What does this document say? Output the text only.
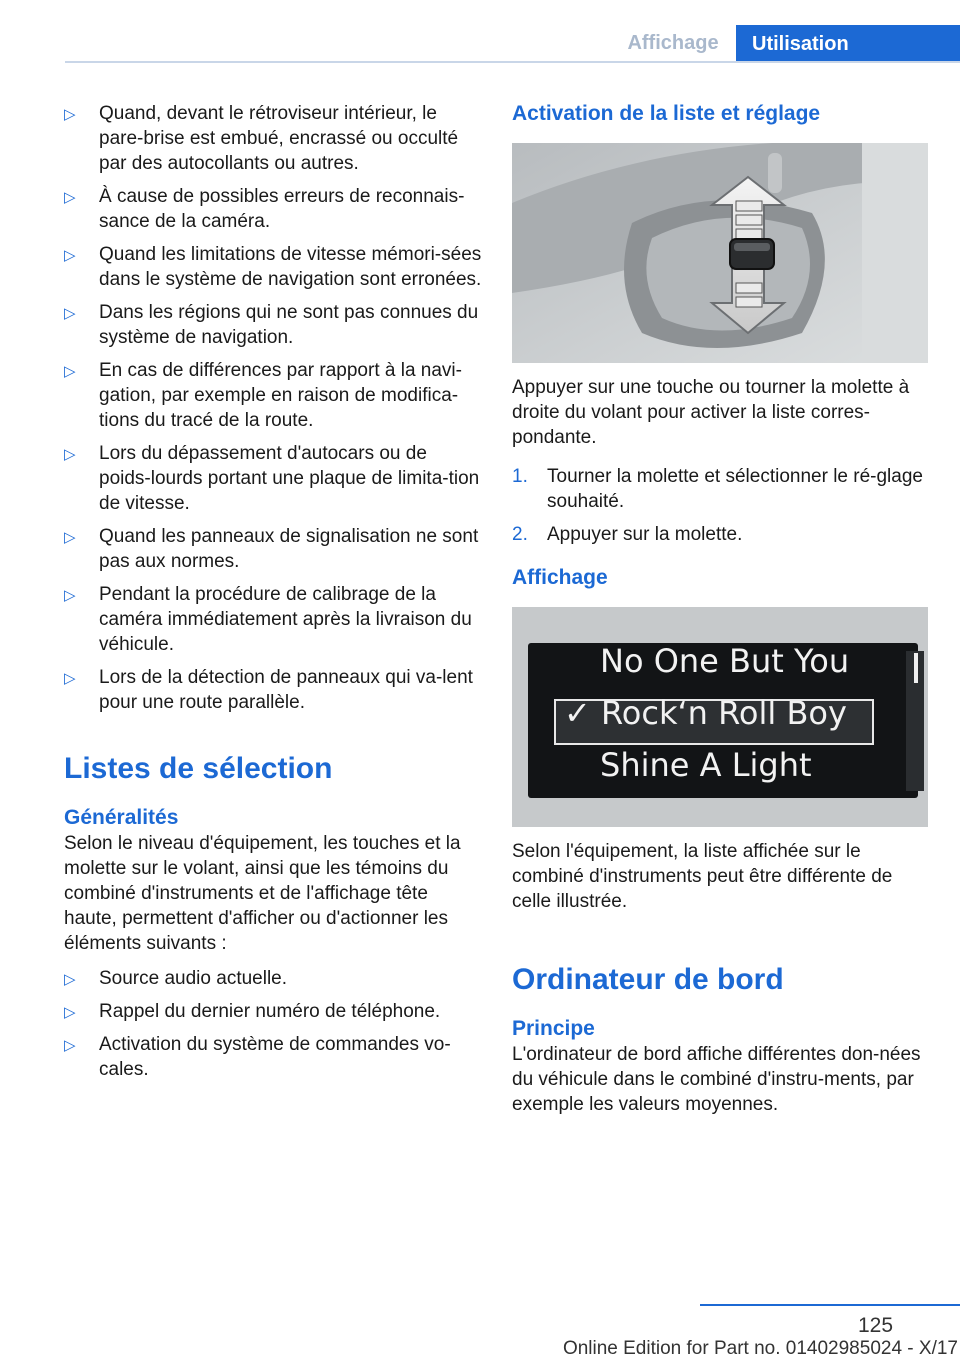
Affichage	Utilisation
▷ Quand, devant le rétroviseur intérieur, le pare-brise est embué, encrassé ou occulté par des autocollants ou autres.
▷ À cause de possibles erreurs de reconnais-sance de la caméra.
▷ Quand les limitations de vitesse mémori-sées dans le système de navigation sont erronées.
▷ Dans les régions qui ne sont pas connues du système de navigation.
▷ En cas de différences par rapport à la navi-gation, par exemple en raison de modifica-tions du tracé de la route.
▷ Lors du dépassement d'autocars ou de poids-lourds portant une plaque de limita-tion de vitesse.
▷ Quand les panneaux de signalisation ne sont pas aux normes.
▷ Pendant la procédure de calibrage de la caméra immédiatement après la livraison du véhicule.
▷ Lors de la détection de panneaux qui va-lent pour une route parallèle.
Listes de sélection
Généralités

Selon le niveau d'équipement, les touches et la molette sur le volant, ainsi que les témoins du combiné d'instruments et de l'affichage tête haute, permettent d'afficher ou d'actionner les éléments suivants :

▷ Source audio actuelle.
▷ Rappel du dernier numéro de téléphone.
▷ Activation du système de commandes vo-cales.
Activation de la liste et réglage

Appuyer sur une touche ou tourner la molette à droite du volant pour activer la liste corres-pondante.

1. Tourner la molette et sélectionner le ré-glage souhaité.
2. Appuyer sur la molette.
Affichage
No One But You
✓ Rock‘n Roll Boy
Shine A Light

Selon l'équipement, la liste affichée sur le combiné d'instruments peut être différente de celle illustrée.

Ordinateur de bord
Principe

L'ordinateur de bord affiche différentes don-nées du véhicule dans le combiné d'instru-ments, par exemple les valeurs moyennes.

125
Online Edition for Part no. 01402985024 - X/17
